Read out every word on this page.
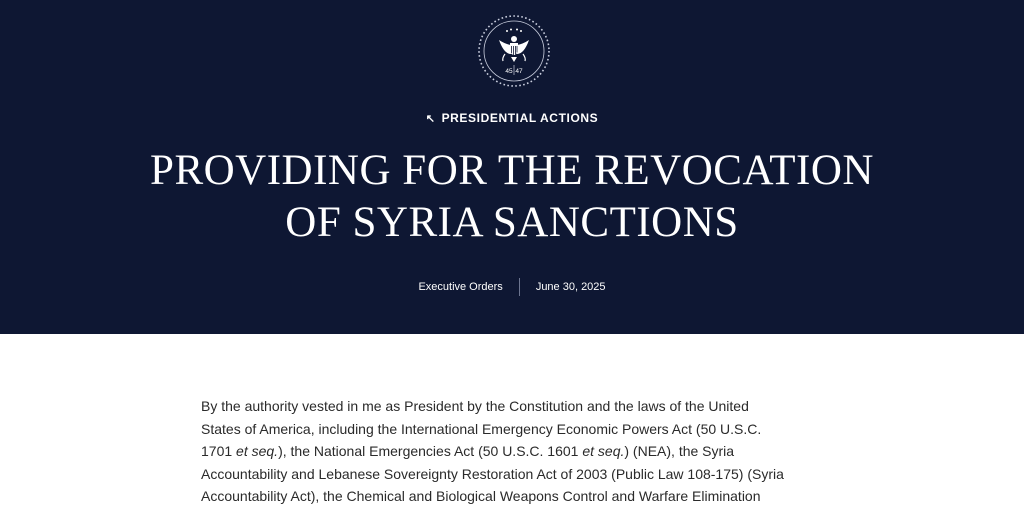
45 47
↖ PRESIDENTIAL ACTIONS
PROVIDING FOR THE REVOCATION
OF SYRIA SANCTIONS
Executive Orders	June 30, 2025

By the authority vested in me as President by the Constitution and the laws of the United
States of America, including the International Emergency Economic Powers Act (50 U.S.C.
1701 et seq.), the National Emergencies Act (50 U.S.C. 1601 et seq.) (NEA), the Syria
Accountability and Lebanese Sovereignty Restoration Act of 2003 (Public Law 108-175) (Syria
Accountability Act), the Chemical and Biological Weapons Control and Warfare Elimination
